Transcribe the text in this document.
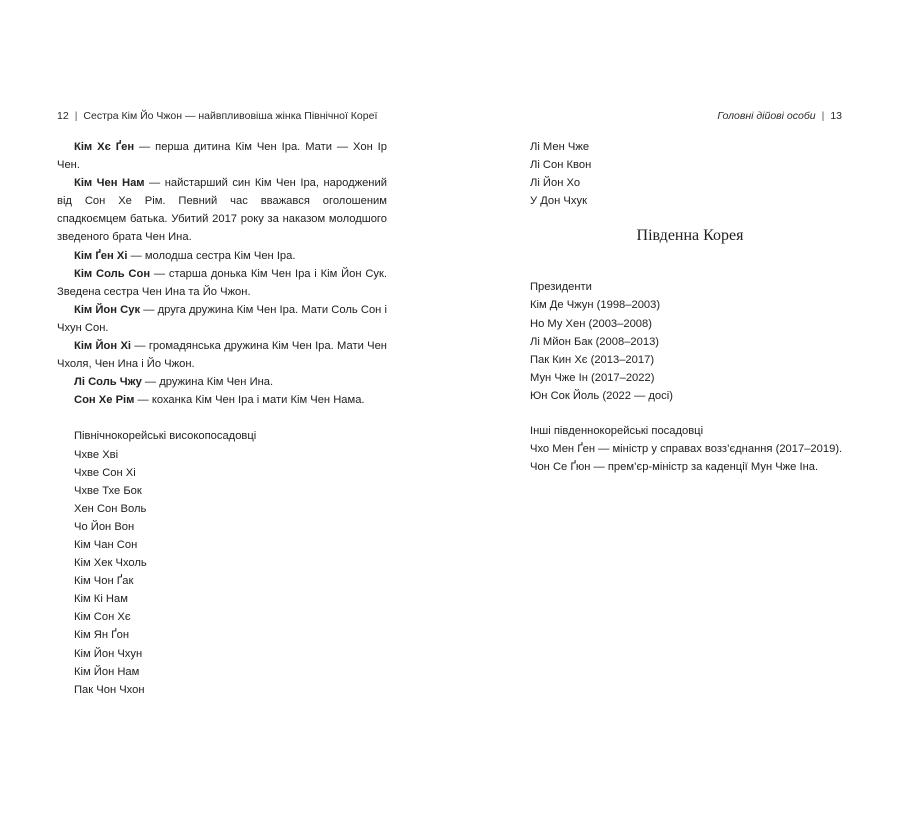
12 | Сестра Кім Йо Чжон — найвпливовіша жінка Північної Кореї

Кім Хє Ґен — перша дитина Кім Чен Іра. Мати — Хон Ір Чен.

Кім Чен Нам — найстарший син Кім Чен Іра, народжений від Сон Хе Рім. Певний час вважався оголошеним спадкоємцем батька. Убитий 2017 року за наказом молодшого зведеного брата Чен Ина.

Кім Ґен Хі — молодша сестра Кім Чен Іра.

Кім Соль Сон — старша донька Кім Чен Іра і Кім Йон Сук. Зведена сестра Чен Ина та Йо Чжон.

Кім Йон Сук — друга дружина Кім Чен Іра. Мати Соль Сон і Чхун Сон.

Кім Йон Хі — громадянська дружина Кім Чен Іра. Мати Чен Чхоля, Чен Ина і Йо Чжон.

Лі Соль Чжу — дружина Кім Чен Ина.

Сон Хе Рім — коханка Кім Чен Іра і мати Кім Чен Нама.

Північнокорейські високопосадовці

Чхве Хві
Чхве Сон Хі
Чхве Тхе Бок
Хен Сон Воль
Чо Йон Вон
Кім Чан Сон
Кім Хек Чхоль
Кім Чон Ґак
Кім Кі Нам
Кім Сон Хє
Кім Ян Ґон
Кім Йон Чхун
Кім Йон Нам
Пак Чон Чхон
Головні дійові особи | 13
Лі Мен Чже
Лі Сон Квон
Лі Йон Хо
У Дон Чхук

Південна Корея

Президенти

Кім Де Чжун (1998–2003)
Но Му Хен (2003–2008)
Лі Мйон Бак (2008–2013)
Пак Кин Хє (2013–2017)
Мун Чже Ін (2017–2022)
Юн Сок Йоль (2022 — досі)

Інші південнокорейські посадовці

Чхо Мен Ґен — міністр у справах возз’єднання (2017–2019).
Чон Се Ґюн — прем’єр-міністр за каденції Мун Чже Іна.
